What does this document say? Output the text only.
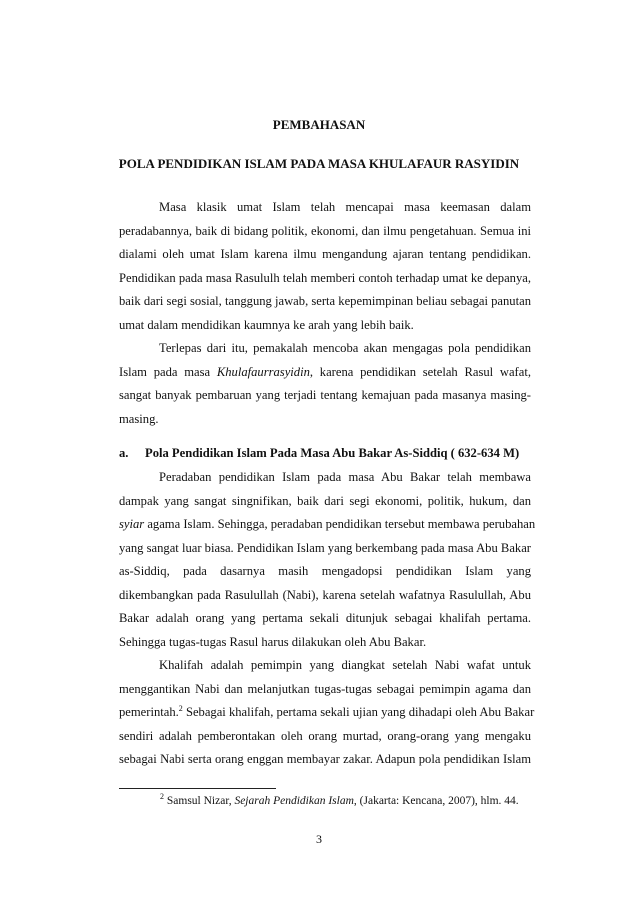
PEMBAHASAN
POLA PENDIDIKAN ISLAM PADA MASA KHULAFAUR RASYIDIN
Masa klasik umat Islam telah mencapai masa keemasan dalam
peradabannya, baik di bidang politik, ekonomi, dan ilmu pengetahuan. Semua ini
dialami oleh umat Islam karena ilmu mengandung ajaran tentang pendidikan.
Pendidikan pada masa Rasululh telah memberi contoh terhadap umat ke depanya,
baik dari segi sosial, tanggung jawab, serta kepemimpinan beliau sebagai panutan
umat dalam mendidikan kaumnya ke arah yang lebih baik.
Terlepas dari itu, pemakalah mencoba akan mengagas pola pendidikan
Islam pada masa Khulafaurrasyidin, karena pendidikan setelah Rasul wafat,
sangat banyak pembaruan yang terjadi tentang kemajuan pada masanya masing-
masing.
a. Pola Pendidikan Islam Pada Masa Abu Bakar As-Siddiq ( 632-634 M)
Peradaban pendidikan Islam pada masa Abu Bakar telah membawa
dampak yang sangat singnifikan, baik dari segi ekonomi, politik, hukum, dan
syiar agama Islam. Sehingga, peradaban pendidikan tersebut membawa perubahan
yang sangat luar biasa. Pendidikan Islam yang berkembang pada masa Abu Bakar
as-Siddiq, pada dasarnya masih mengadopsi pendidikan Islam yang
dikembangkan pada Rasulullah (Nabi), karena setelah wafatnya Rasulullah, Abu
Bakar adalah orang yang pertama sekali ditunjuk sebagai khalifah pertama.
Sehingga tugas-tugas Rasul harus dilakukan oleh Abu Bakar.
Khalifah adalah pemimpin yang diangkat setelah Nabi wafat untuk
menggantikan Nabi dan melanjutkan tugas-tugas sebagai pemimpin agama dan
pemerintah.$^2$ Sebagai khalifah, pertama sekali ujian yang dihadapi oleh Abu Bakar
sendiri adalah pemberontakan oleh orang murtad, orang-orang yang mengaku
sebagai Nabi serta orang enggan membayar zakar. Adapun pola pendidikan Islam
$^2$ Samsul Nizar, Sejarah Pendidikan Islam, (Jakarta: Kencana, 2007), hlm. 44.
3
